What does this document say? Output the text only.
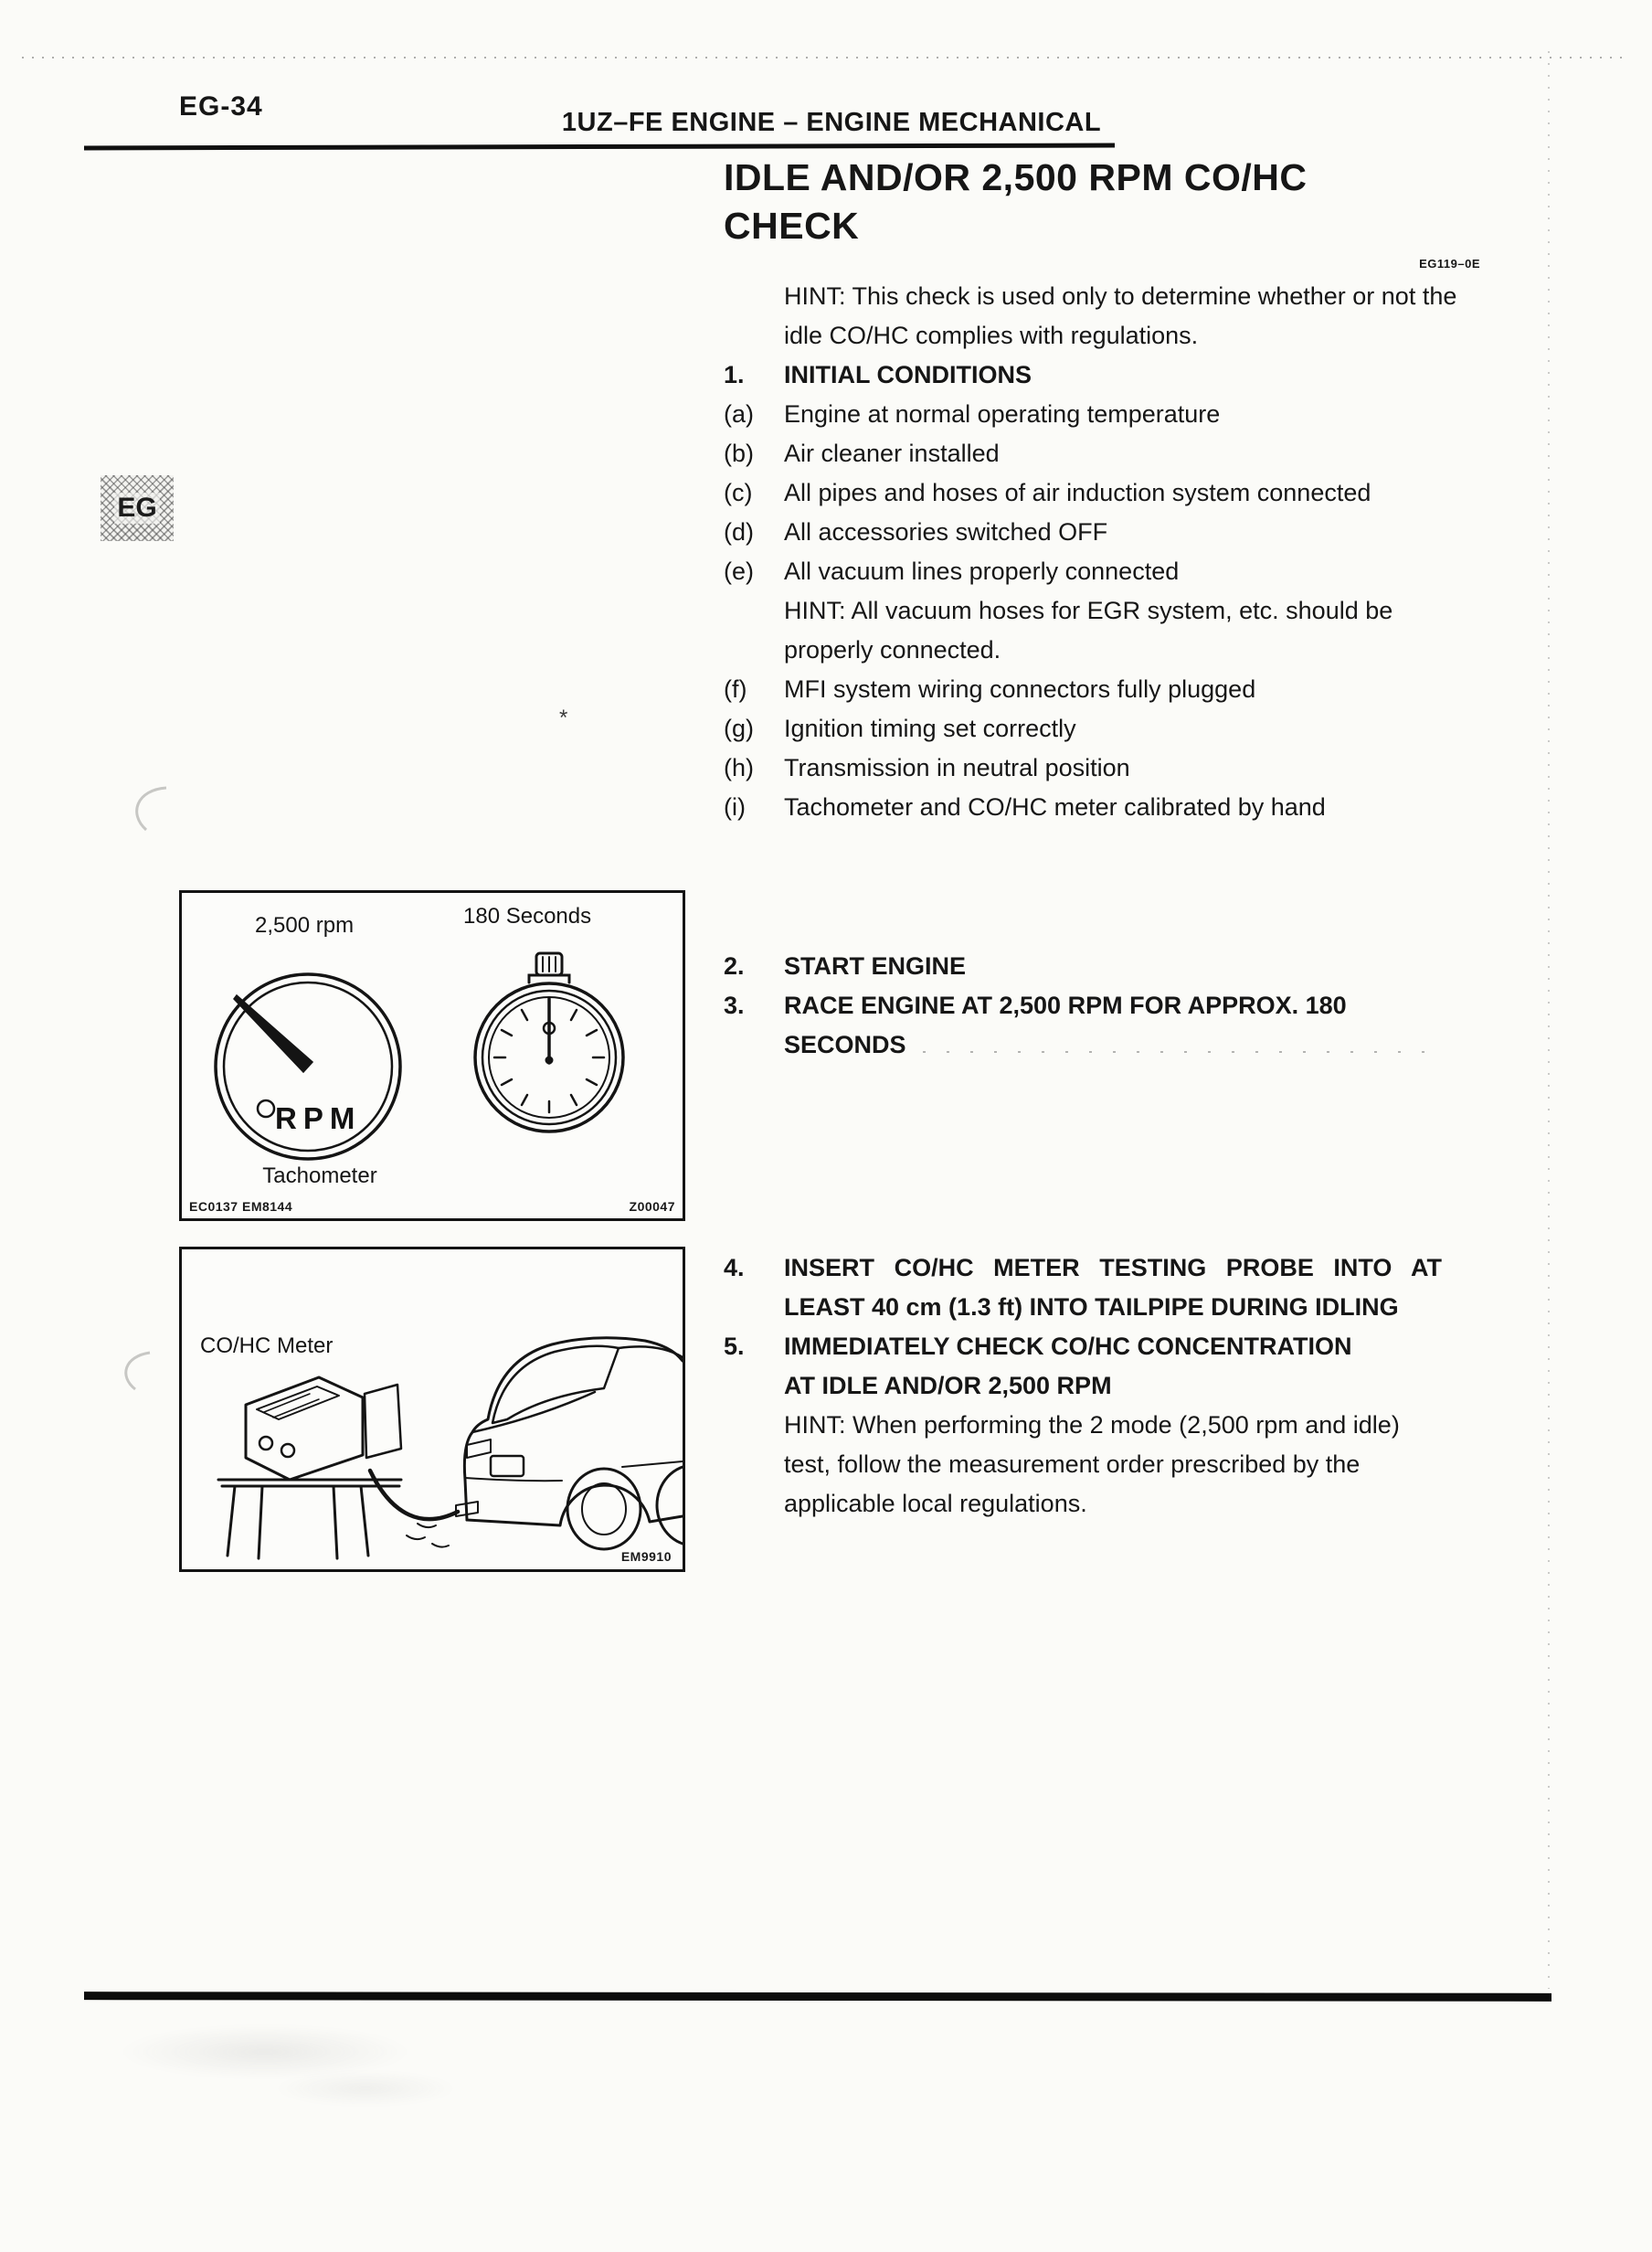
*
EG-34
1UZ–FE ENGINE – ENGINE MECHANICAL
EG
IDLE AND/OR 2,500 RPM CO/HC
CHECK
EG119–0E

HINT: This check is used only to determine whether or not the idle CO/HC complies with regulations.

1.	INITIAL CONDITIONS
(a)	Engine at normal operating temperature
(b)	Air cleaner installed
(c)	All pipes and hoses of air induction system connected
(d)	All accessories switched OFF
(e)	All vacuum lines properly connected
HINT: All vacuum hoses for EGR system, etc. should be properly connected.
(f)	MFI system wiring connectors fully plugged
(g)	Ignition timing set correctly
(h)	Transmission in neutral position
(i)	Tachometer and CO/HC meter calibrated by hand
2.	START ENGINE
3.	RACE ENGINE AT 2,500 RPM FOR APPROX. 180 SECONDS
4.	INSERT CO/HC METER TESTING PROBE INTO AT LEAST 40 cm (1.3 ft) INTO TAILPIPE DURING IDLING
5.	IMMEDIATELY CHECK CO/HC CONCENTRATION AT IDLE AND/OR 2,500 RPM
HINT: When performing the 2 mode (2,500 rpm and idle) test, follow the measurement order prescribed by the applicable local regulations.
2,500 rpm	180 Seconds
RPM
Tachometer
EC0137 EM8144	Z00047
CO/HC Meter
EM9910
